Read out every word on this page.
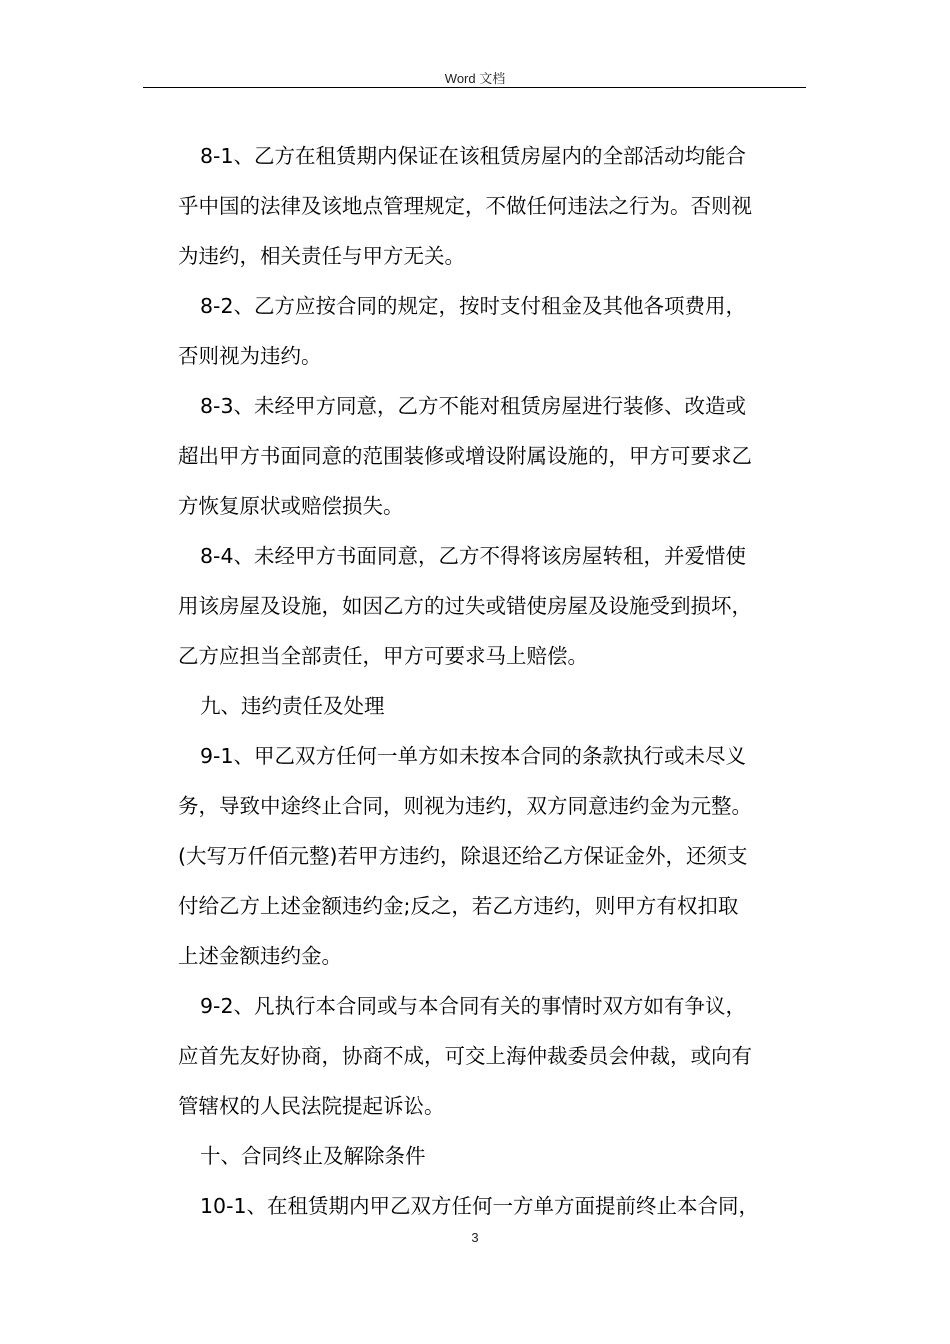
Word 文档
8-1、乙方在租赁期内保证在该租赁房屋内的全部活动均能合
乎中国的法律及该地点管理规定，不做任何违法之行为。否则视
为违约，相关责任与甲方无关。
8-2、乙方应按合同的规定，按时支付租金及其他各项费用，
否则视为违约。
8-3、未经甲方同意，乙方不能对租赁房屋进行装修、改造或
超出甲方书面同意的范围装修或增设附属设施的，甲方可要求乙
方恢复原状或赔偿损失。
8-4、未经甲方书面同意，乙方不得将该房屋转租，并爱惜使
用该房屋及设施，如因乙方的过失或错使房屋及设施受到损坏，
乙方应担当全部责任，甲方可要求马上赔偿。
九、违约责任及处理
9-1、甲乙双方任何一单方如未按本合同的条款执行或未尽义
务，导致中途终止合同，则视为违约，双方同意违约金为元整。
(大写万仟佰元整)若甲方违约，除退还给乙方保证金外，还须支
付给乙方上述金额违约金;反之，若乙方违约，则甲方有权扣取
上述金额违约金。
9-2、凡执行本合同或与本合同有关的事情时双方如有争议，
应首先友好协商，协商不成，可交上海仲裁委员会仲裁，或向有
管辖权的人民法院提起诉讼。
十、合同终止及解除条件
10-1、在租赁期内甲乙双方任何一方单方面提前终止本合同，
3
